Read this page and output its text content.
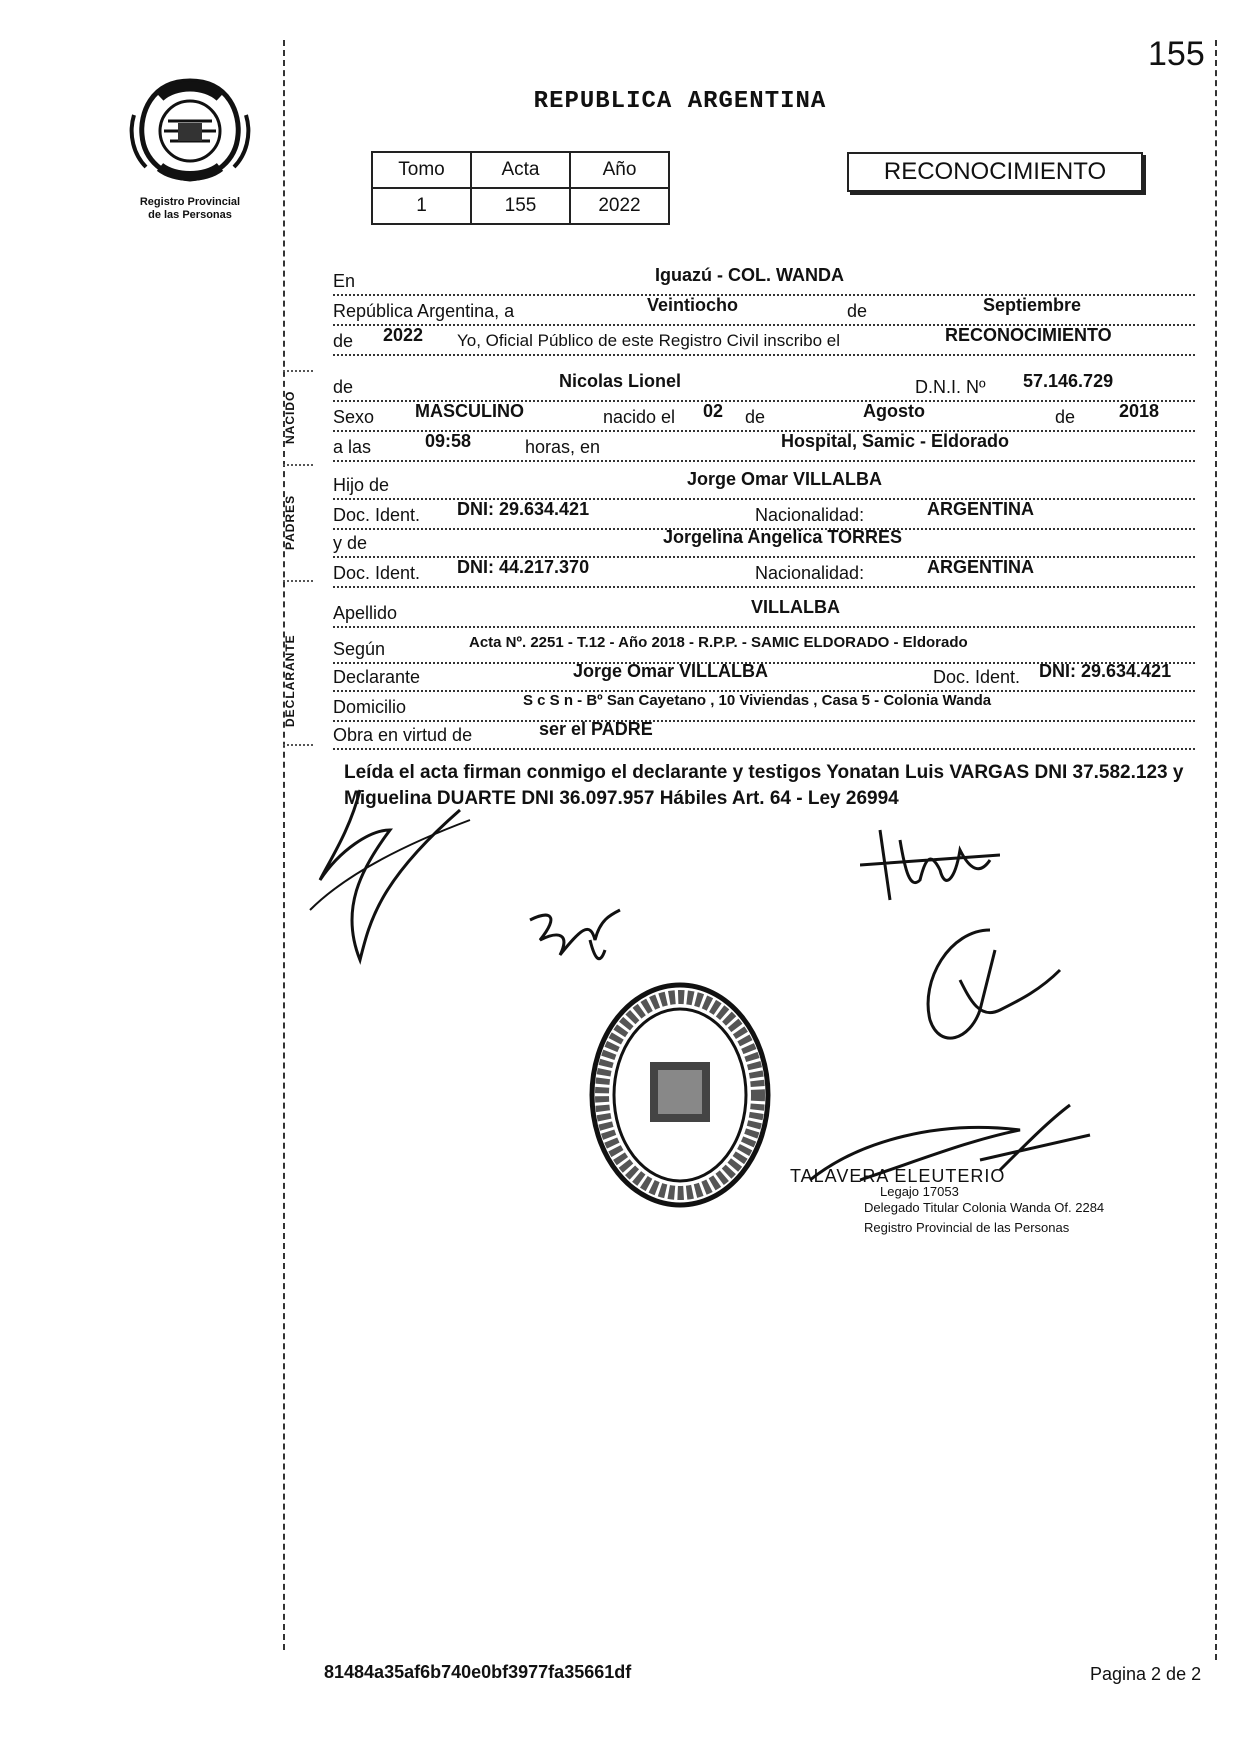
155
Registro Provincial
de las Personas
REPUBLICA ARGENTINA
Tomo	Acta	Año
1	155	2022
RECONOCIMIENTO
NACIDO
PADRES
DECLARANTE
En	Iguazú - COL. WANDA
República Argentina, a	Veintiocho	de	Septiembre
de 2022 Yo, Oficial Público de este Registro Civil inscribo el	RECONOCIMIENTO
de	Nicolas Lionel	D.N.I. Nº 57.146.729
Sexo MASCULINO	nacido el 02 de	Agosto	de 2018
a las	09:58	horas, en	Hospital, Samic - Eldorado
Hijo de	Jorge Omar VILLALBA
Doc. Ident. DNI: 29.634.421	Nacionalidad:	ARGENTINA
y de	Jorgelina Angelica TORRES
Doc. Ident. DNI: 44.217.370	Nacionalidad:	ARGENTINA
Apellido	VILLALBA
Según	Acta Nº. 2251 - T.12 - Año 2018 - R.P.P. - SAMIC ELDORADO - Eldorado
Declarante	Jorge Omar VILLALBA	Doc. Ident. DNI: 29.634.421
Domicilio	S c S n - Bº San Cayetano , 10 Viviendas , Casa 5 - Colonia Wanda
Obra en virtud de	ser el PADRE
Leída el acta firman conmigo el declarante y testigos Yonatan Luis VARGAS DNI 37.582.123 y Miguelina DUARTE DNI 36.097.957 Hábiles Art. 64 - Ley 26994
TALAVERA ELEUTERIO
Legajo 17053
Delegado Titular Colonia Wanda Of. 2284
Registro Provincial de las Personas
81484a35af6b740e0bf3977fa35661df	Pagina 2 de 2
